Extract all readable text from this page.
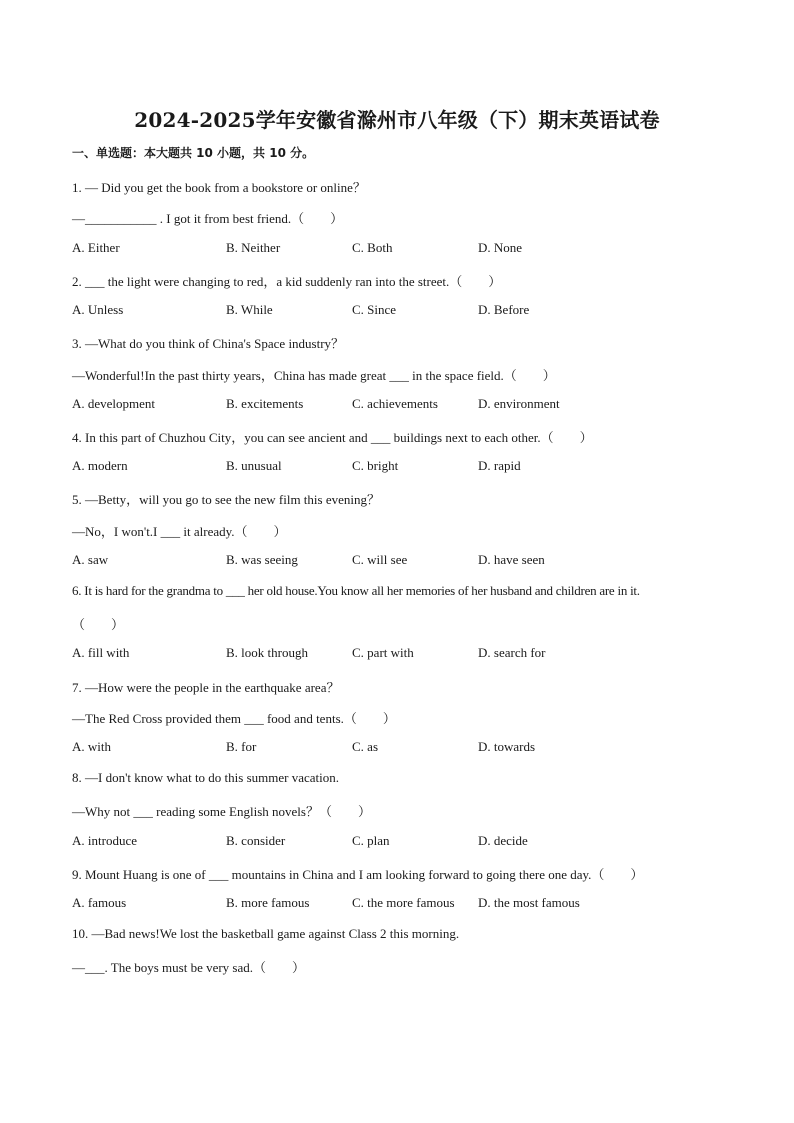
2024-2025学年安徽省滁州市八年级（下）期末英语试卷
一、单选题：本大题共 10 小题，共 10 分。
1. — Did you get the book from a bookstore or online？
—___________ . I got it from best friend.（　　）
A. Either	B. Neither	C. Both	D. None
2. ___ the light were changing to red，a kid suddenly ran into the street.（　　）
A. Unless	B. While	C. Since	D. Before
3. —What do you think of China's Space industry？
—Wonderful!In the past thirty years，China has made great ___ in the space field.（　　）
A. development	B. excitements	C. achievements	D. environment
4. In this part of Chuzhou City，you can see ancient and ___ buildings next to each other.（　　）
A. modern	B. unusual	C. bright	D. rapid
5. —Betty，will you go to see the new film this evening？
—No，I won't.I ___ it already.（　　）
A. saw	B. was seeing	C. will see	D. have seen
6. It is hard for the grandma to ___ her old house.You know all her memories of her husband and children are in it.
（　　）
A. fill with	B. look through	C. part with	D. search for
7. —How were the people in the earthquake area？
—The Red Cross provided them ___ food and tents.（　　）
A. with	B. for	C. as	D. towards
8. —I don't know what to do this summer vacation.
—Why not ___ reading some English novels？（　　）
A. introduce	B. consider	C. plan	D. decide
9. Mount Huang is one of ___ mountains in China and I am looking forward to going there one day.（　　）
A. famous	B. more famous	C. the more famous D. the most famous
10. —Bad news!We lost the basketball game against Class 2 this morning.
—___. The boys must be very sad.（　　）
